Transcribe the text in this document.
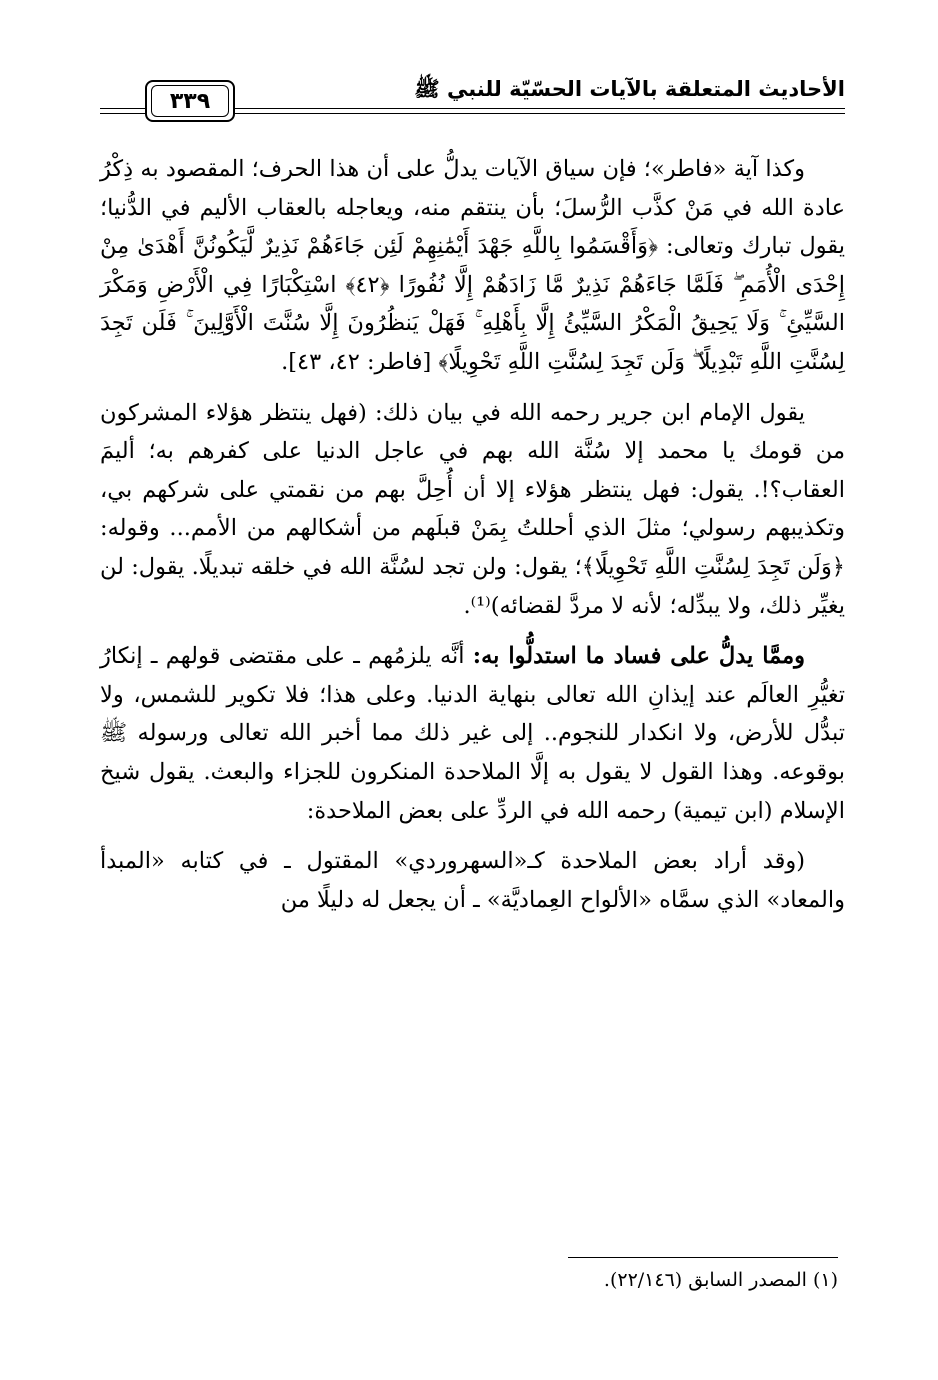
الأحاديث المتعلقة بالآيات الحسّيّة للنبي ﷺ
٣٣٩

وكذا آية «فاطر»؛ فإن سياق الآيات يدلُّ على أن هذا الحرف؛ المقصود به ذِكْرُ عادة الله في مَنْ كذَّب الرُّسلَ؛ بأن ينتقم منه، ويعاجله بالعقاب الأليم في الدُّنيا؛ يقول تبارك وتعالى: ﴿وَأَقْسَمُوا بِاللَّهِ جَهْدَ أَيْمَٰنِهِمْ لَئِن جَاءَهُمْ نَذِيرٌ لَّيَكُونُنَّ أَهْدَىٰ مِنْ إِحْدَى الْأُمَمِ ۖ فَلَمَّا جَاءَهُمْ نَذِيرٌ مَّا زَادَهُمْ إِلَّا نُفُورًا ﴿٤٢﴾ اسْتِكْبَارًا فِي الْأَرْضِ وَمَكْرَ السَّيِّئِ ۚ وَلَا يَحِيقُ الْمَكْرُ السَّيِّئُ إِلَّا بِأَهْلِهِ ۚ فَهَلْ يَنظُرُونَ إِلَّا سُنَّتَ الْأَوَّلِينَ ۚ فَلَن تَجِدَ لِسُنَّتِ اللَّهِ تَبْدِيلًا ۖ وَلَن تَجِدَ لِسُنَّتِ اللَّهِ تَحْوِيلًا﴾ [فاطر: ٤٢، ٤٣].

يقول الإمام ابن جرير رحمه الله في بيان ذلك: (فهل ينتظر هؤلاء المشركون من قومك يا محمد إلا سُنَّة الله بهم في عاجل الدنيا على كفرهم به؛ أليمَ العقاب؟!. يقول: فهل ينتظر هؤلاء إلا أن أُحِلَّ بهم من نقمتي على شركهم بي، وتكذيبهم رسولي؛ مثلَ الذي أحللتُ بِمَنْ قبلَهم من أشكالهم من الأمم... وقوله: ﴿وَلَن تَجِدَ لِسُنَّتِ اللَّهِ تَحْوِيلًا﴾؛ يقول: ولن تجد لسُنَّة الله في خلقه تبديلًا. يقول: لن يغيِّر ذلك، ولا يبدِّله؛ لأنه لا مردَّ لقضائه)⁽¹⁾.

وممَّا يدلُّ على فساد ما استدلُّوا به: أنَّه يلزمُهم ـ على مقتضى قولهم ـ إنكارُ تغيُّرِ العالَم عند إيذانِ الله تعالى بنهاية الدنيا. وعلى هذا؛ فلا تكوير للشمس، ولا تبدُّل للأرض، ولا انكدار للنجوم.. إلى غير ذلك مما أخبر الله تعالى ورسوله ﷺ بوقوعه. وهذا القول لا يقول به إلَّا الملاحدة المنكرون للجزاء والبعث. يقول شيخ الإسلام (ابن تيمية) رحمه الله في الردِّ على بعض الملاحدة:

(وقد أراد بعض الملاحدة كـ«السهروردي» المقتول ـ في كتابه «المبدأ والمعاد» الذي سمَّاه «الألواح العِماديَّة» ـ أن يجعل له دليلًا من

(١) المصدر السابق (٢٢/١٤٦).
